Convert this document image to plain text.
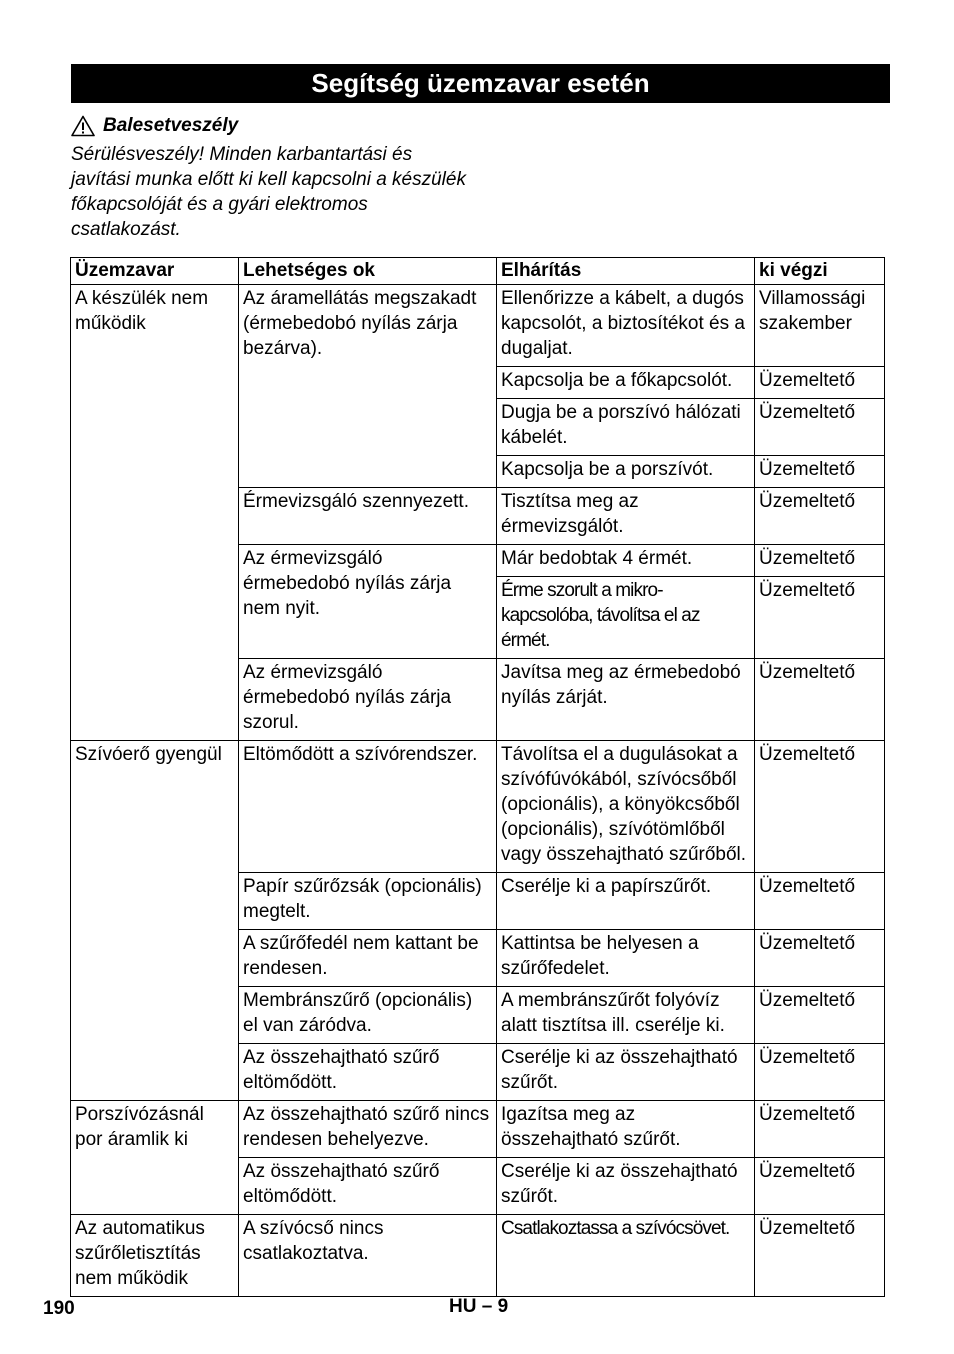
Segítség üzemzavar esetén
Balesetveszély
Sérülésveszély! Minden karbantartási és javítási munka előtt ki kell kapcsolni a készülék főkapcsolóját és a gyári elektromos csatlakozást.
Üzemzavar	Lehetséges ok	Elhárítás	ki végzi
A készülék nem működik	Az áramellátás megszakadt (érmebedobó nyílás zárja bezárva).	Ellenőrizze a kábelt, a dugós kapcsolót, a biztosítékot és a dugaljat.	Villamossági szakember
		Kapcsolja be a főkapcsolót.	Üzemeltető
		Dugja be a porszívó hálózati kábelét.	Üzemeltető
		Kapcsolja be a porszívót.	Üzemeltető
	Érmevizsgáló szennyezett.	Tisztítsa meg az érmevizsgálót.	Üzemeltető
	Az érmevizsgáló érmebedobó nyílás zárja nem nyit.	Már bedobtak 4 érmét.	Üzemeltető
		Érme szorult a mikro-kapcsolóba, távolítsa el az érmét.	Üzemeltető
	Az érmevizsgáló érmebedobó nyílás zárja szorul.	Javítsa meg az érmebedobó nyílás zárját.	Üzemeltető
Szívóerő gyengül	Eltömődött a szívórendszer.	Távolítsa el a dugulásokat a szívófúvókából, szívócsőből (opcionális), a könyökcsőből (opcionális), szívótömlőből vagy összehajtható szűrőből.	Üzemeltető
	Papír szűrőzsák (opcionális) megtelt.	Cserélje ki a papírszűrőt.	Üzemeltető
	A szűrőfedél nem kattant be rendesen.	Kattintsa be helyesen a szűrőfedelet.	Üzemeltető
	Membránszűrő (opcionális) el van záródva.	A membránszűrőt folyóvíz alatt tisztítsa ill. cserélje ki.	Üzemeltető
	Az összehajtható szűrő eltömődött.	Cserélje ki az összehajtható szűrőt.	Üzemeltető
Porszívózásnál por áramlik ki	Az összehajtható szűrő nincs rendesen behelyezve.	Igazítsa meg az összehajtható szűrőt.	Üzemeltető
	Az összehajtható szűrő eltömődött.	Cserélje ki az összehajtható szűrőt.	Üzemeltető
Az automatikus szűrőletisztítás nem működik	A szívócső nincs csatlakoztatva.	Csatlakoztassa a szívócsövet.	Üzemeltető
190	HU – 9
